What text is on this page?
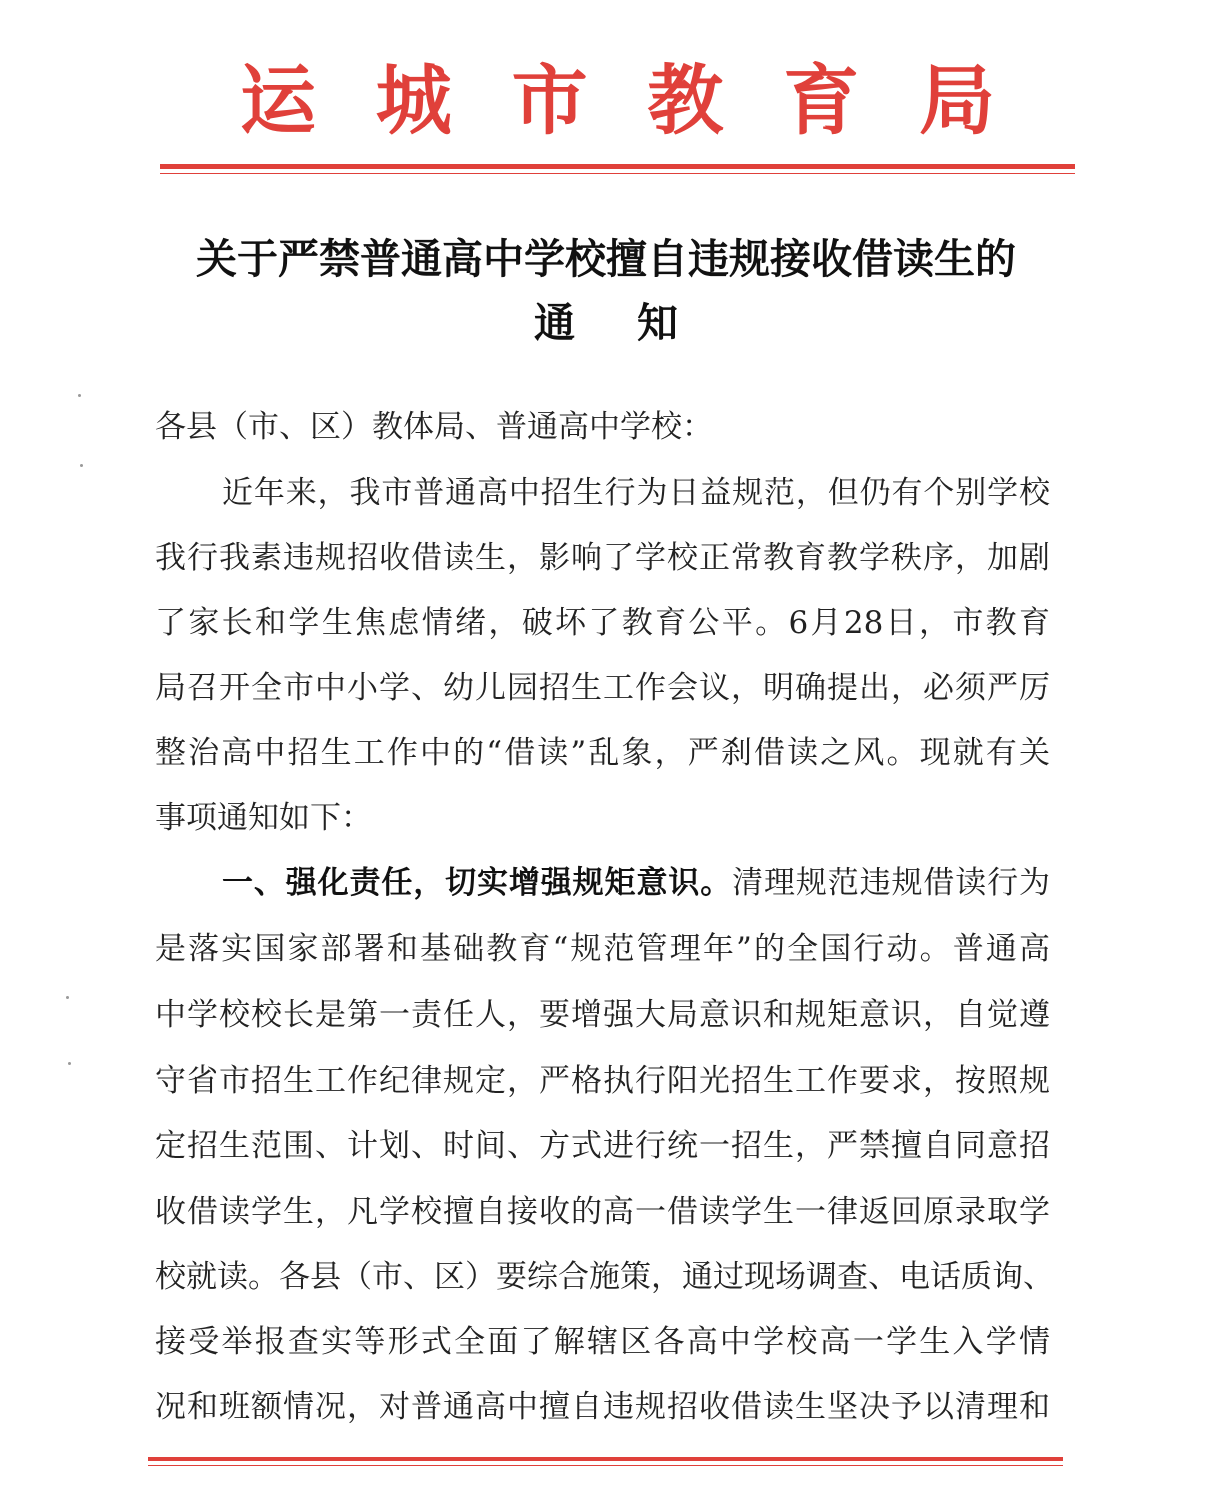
运 城 市 教 育 局
关于严禁普通高中学校擅自违规接收借读生的
通知
各县（市、区）教体局、普通高中学校：
近年来，我市普通高中招生行为日益规范，但仍有个别学校
我行我素违规招收借读生，影响了学校正常教育教学秩序，加剧
了家长和学生焦虑情绪，破坏了教育公平。6月28日，市教育
局召开全市中小学、幼儿园招生工作会议，明确提出，必须严厉
整治高中招生工作中的“借读”乱象，严刹借读之风。现就有关
事项通知如下：
一、强化责任，切实增强规矩意识。清理规范违规借读行为
是落实国家部署和基础教育“规范管理年”的全国行动。普通高
中学校校长是第一责任人，要增强大局意识和规矩意识，自觉遵
守省市招生工作纪律规定，严格执行阳光招生工作要求，按照规
定招生范围、计划、时间、方式进行统一招生，严禁擅自同意招
收借读学生，凡学校擅自接收的高一借读学生一律返回原录取学
校就读。各县（市、区）要综合施策，通过现场调查、电话质询、
接受举报查实等形式全面了解辖区各高中学校高一学生入学情
况和班额情况，对普通高中擅自违规招收借读生坚决予以清理和
